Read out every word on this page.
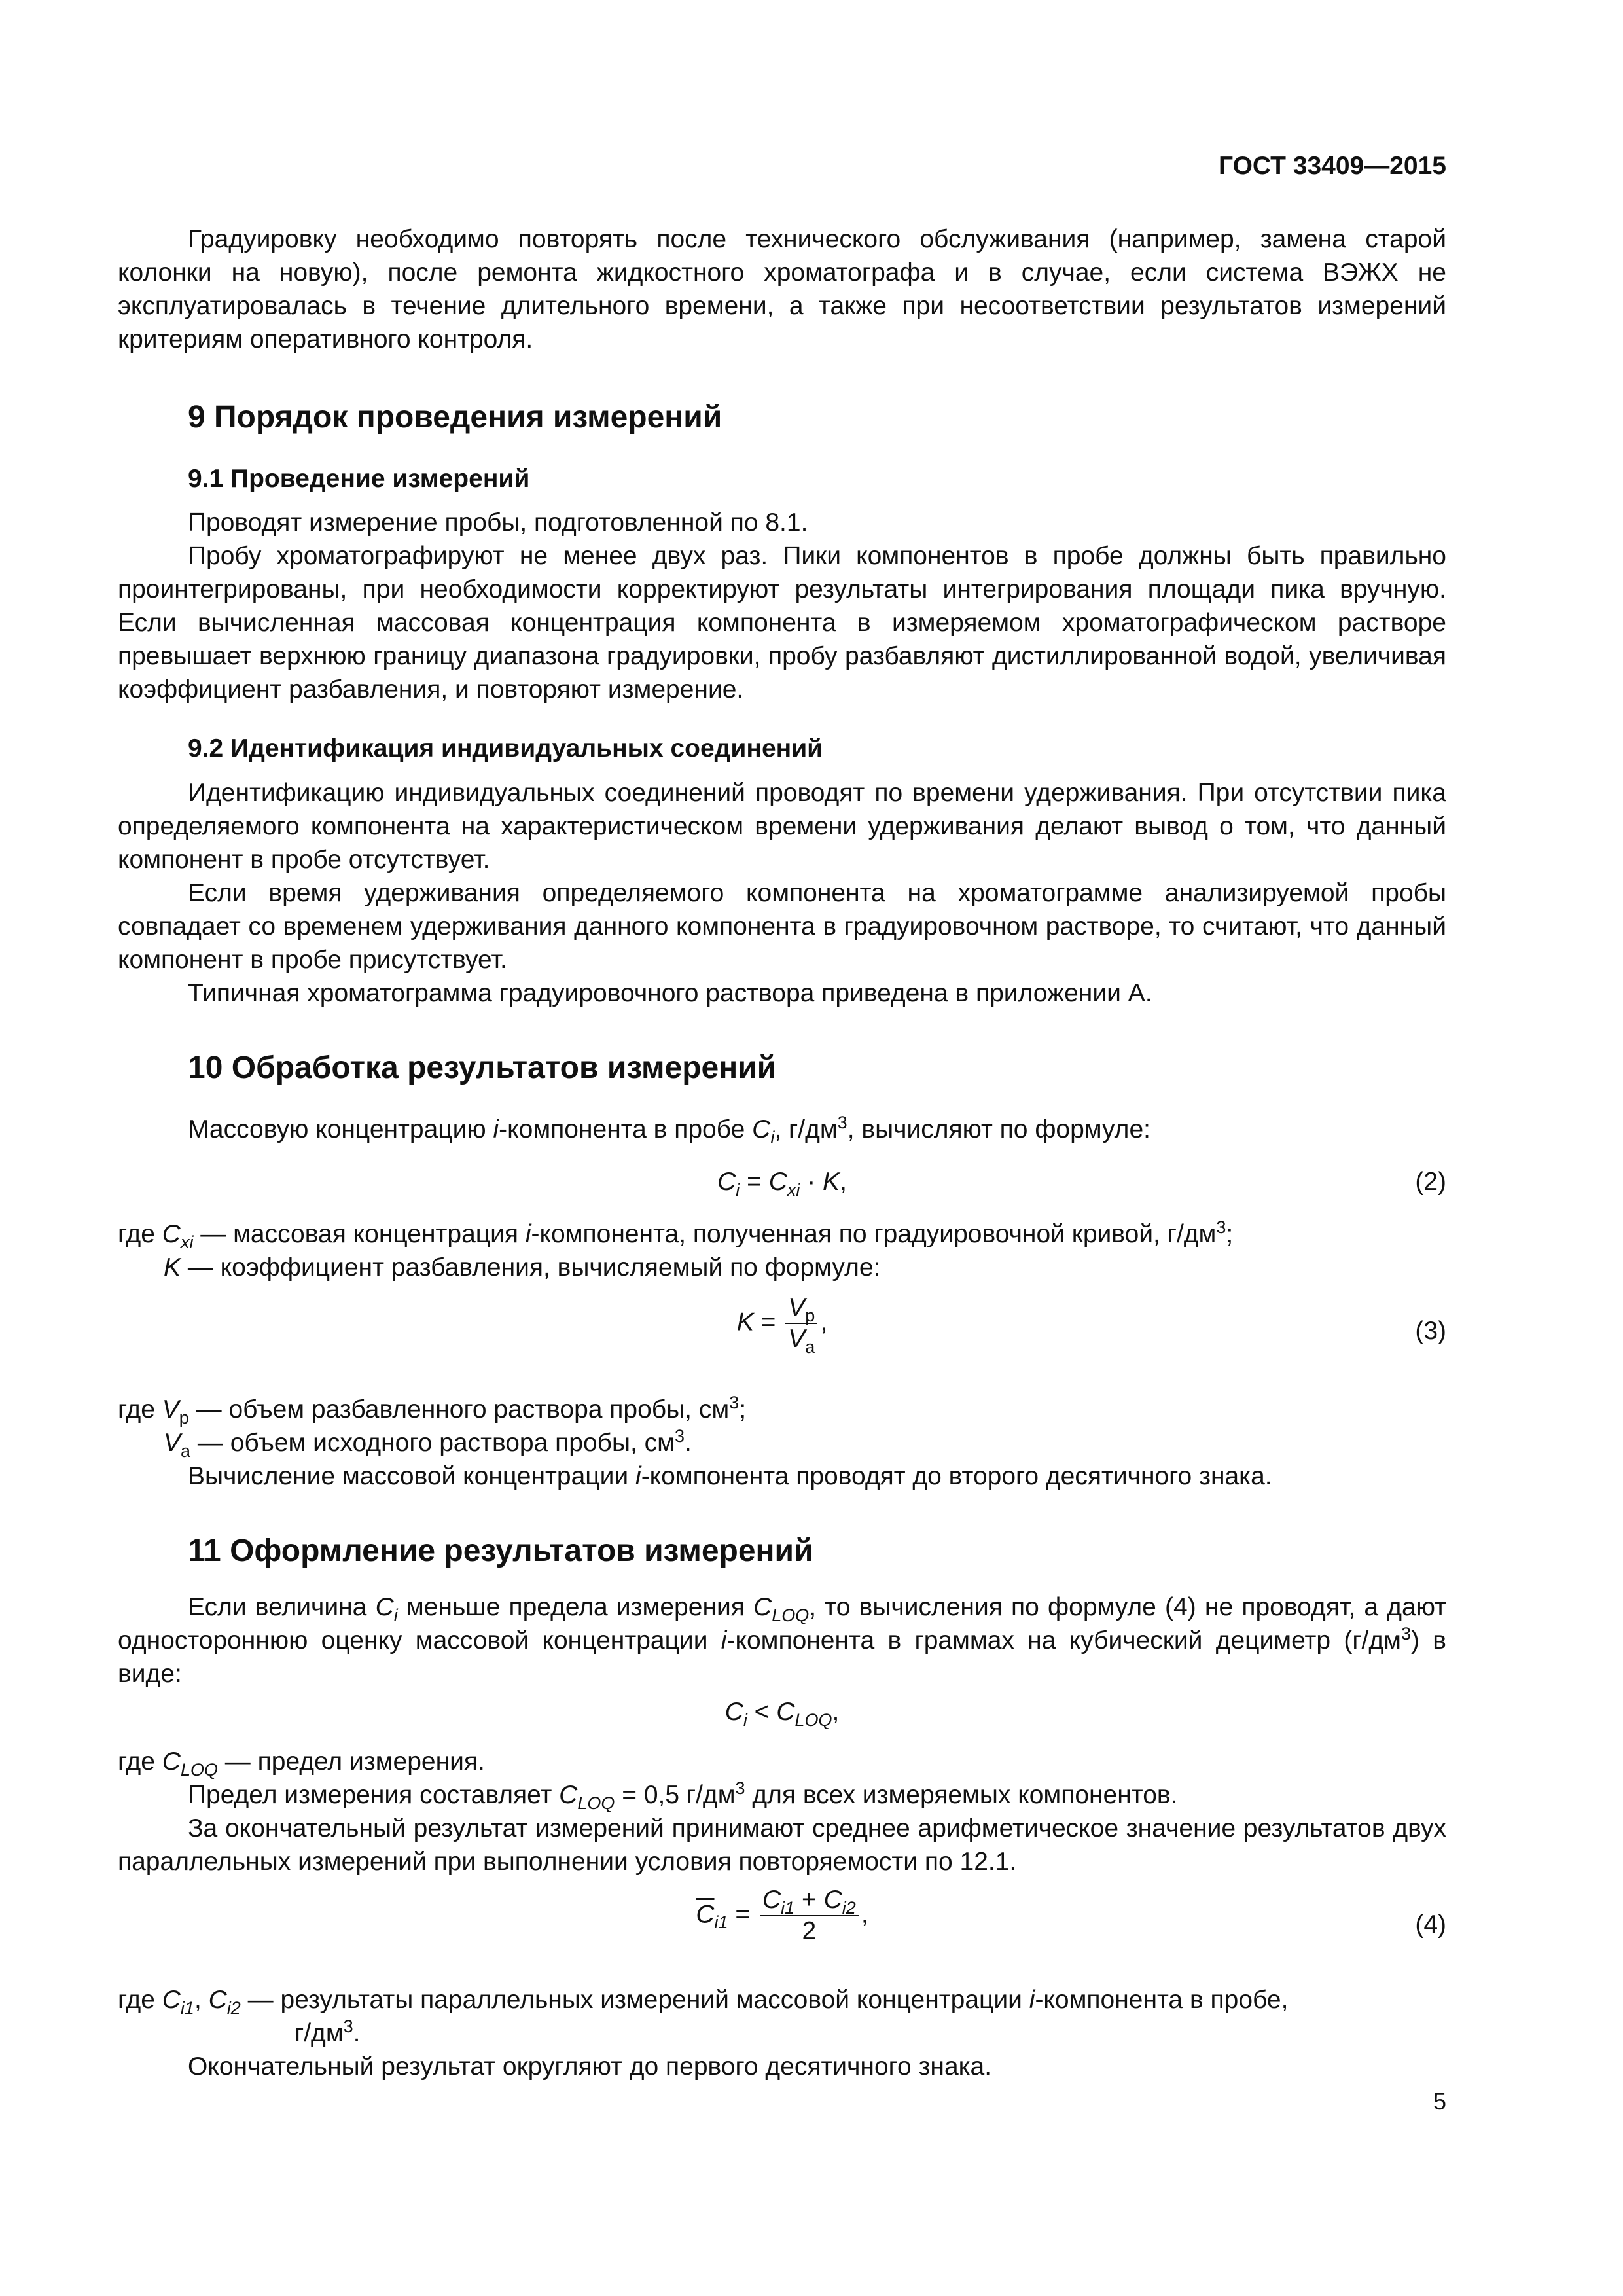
ГОСТ 33409—2015
Градуировку необходимо повторять после технического обслуживания (например, замена старой колонки на новую), после ремонта жидкостного хроматографа и в случае, если система ВЭЖХ не эксплуатировалась в течение длительного времени, а также при несоответствии результатов измерений критериям оперативного контроля.
9 Порядок проведения измерений
9.1 Проведение измерений
Проводят измерение пробы, подготовленной по 8.1.
Пробу хроматографируют не менее двух раз. Пики компонентов в пробе должны быть правильно проинтегрированы, при необходимости корректируют результаты интегрирования площади пика вручную. Если вычисленная массовая концентрация компонента в измеряемом хроматографическом растворе превышает верхнюю границу диапазона градуировки, пробу разбавляют дистиллированной водой, увеличивая коэффициент разбавления, и повторяют измерение.
9.2 Идентификация индивидуальных соединений
Идентификацию индивидуальных соединений проводят по времени удерживания. При отсутствии пика определяемого компонента на характеристическом времени удерживания делают вывод о том, что данный компонент в пробе отсутствует.
Если время удерживания определяемого компонента на хроматограмме анализируемой пробы совпадает со временем удерживания данного компонента в градуировочном растворе, то считают, что данный компонент в пробе присутствует.
Типичная хроматограмма градуировочного раствора приведена в приложении А.
10 Обработка результатов измерений
Массовую концентрацию i-компонента в пробе $C_i$, $г/дм^3$, вычисляют по формуле:
$C_i = C_{xi} \cdot K$,	(2)
где $C_{xi}$ — массовая концентрация i-компонента, полученная по градуировочной кривой, $г/дм^3$;
K — коэффициент разбавления, вычисляемый по формуле:
$K = \frac{V_р}{V_а}$ ,	(3)
где $V_р$ — объем разбавленного раствора пробы, $см^3$;
$V_а$ — объем исходного раствора пробы, $см^3$.
Вычисление массовой концентрации i-компонента проводят до второго десятичного знака.
11 Оформление результатов измерений
Если величина $C_i$ меньше предела измерения $C_{LOQ}$, то вычисления по формуле (4) не проводят, а дают одностороннюю оценку массовой концентрации i-компонента в граммах на кубический дециметр $(г/дм^3)$ в виде:
$C_i < C_{LOQ}$,
где $C_{LOQ}$ — предел измерения.
Предел измерения составляет $C_{LOQ} = 0,5$ $г/дм^3$ для всех измеряемых компонентов.
За окончательный результат измерений принимают среднее арифметическое значение результатов двух параллельных измерений при выполнении условия повторяемости по 12.1.
$\overline{C}_{i1} = \frac{C_{i1} + C_{i2}}{2}$ ,	(4)
где $C_{i1}$, $C_{i2}$ — результаты параллельных измерений массовой концентрации i-компонента в пробе,
$г/дм^3$.
Окончательный результат округляют до первого десятичного знака.
5
